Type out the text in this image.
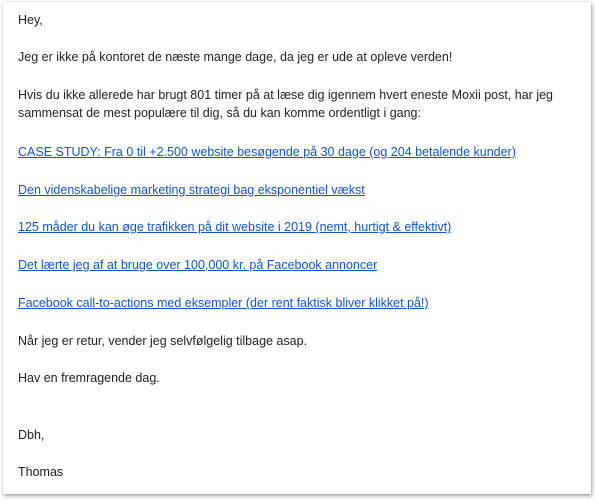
Hey,
Jeg er ikke på kontoret de næste mange dage, da jeg er ude at opleve verden!
Hvis du ikke allerede har brugt 801 timer på at læse dig igennem hvert eneste Moxii post, har jeg sammensat de mest populære til dig, så du kan komme ordentligt i gang:
CASE STUDY: Fra 0 til +2.500 website besøgende på 30 dage (og 204 betalende kunder)
Den videnskabelige marketing strategi bag eksponentiel vækst
125 måder du kan øge trafikken på dit website i 2019 (nemt, hurtigt & effektivt)
Det lærte jeg af at bruge over 100,000 kr. på Facebook annoncer
Facebook call-to-actions med eksempler (der rent faktisk bliver klikket på!)
Når jeg er retur, vender jeg selvfølgelig tilbage asap.
Hav en fremragende dag.
Dbh,
Thomas
